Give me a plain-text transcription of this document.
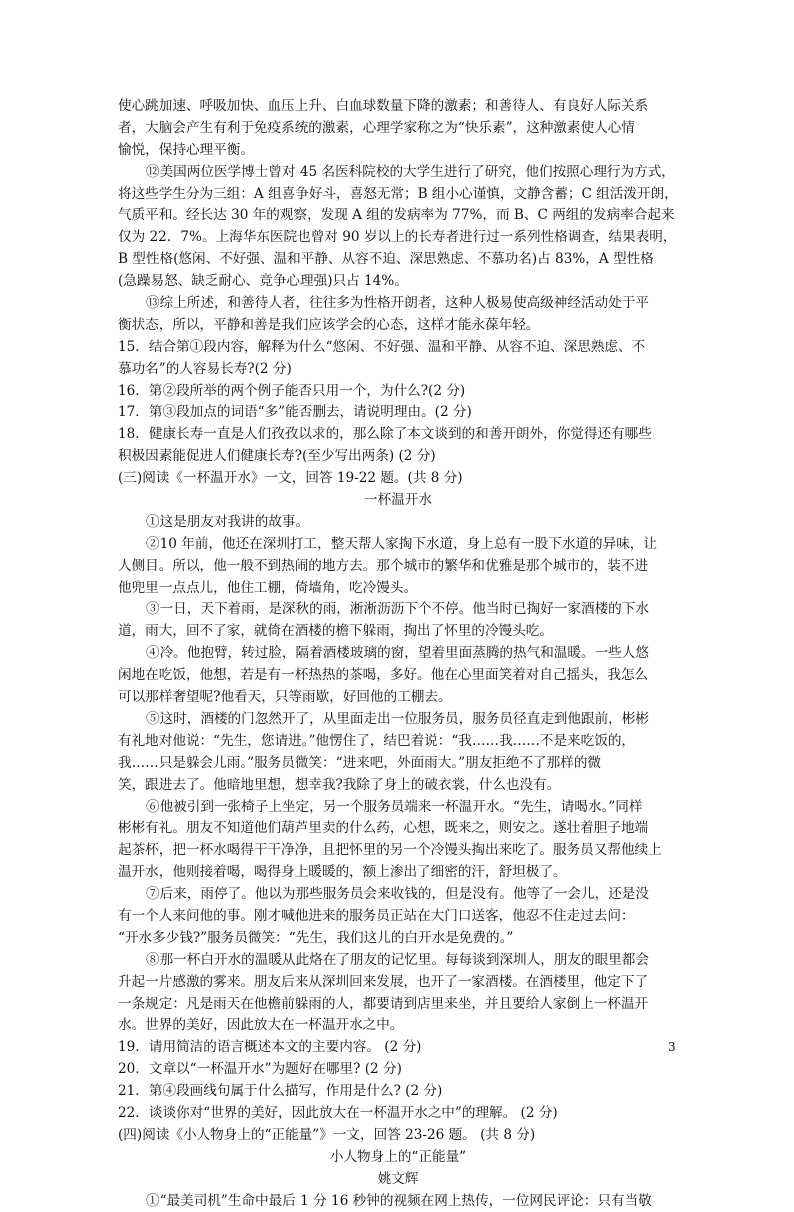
使心跳加速、呼吸加快、血压上升、白血球数量下降的激素；和善待人、有良好人际关系
者，大脑会产生有利于免疫系统的激素，心理学家称之为“快乐素”，这种激素使人心情
愉悦，保持心理平衡。
⑫美国两位医学博士曾对 45 名医科院校的大学生进行了研究，他们按照心理行为方式，
将这些学生分为三组：A 组喜争好斗，喜怒无常；B 组小心谨慎，文静含蓄；C 组活泼开朗，
气质平和。经长达 30 年的观察，发现 A 组的发病率为 77%，而 B、C 两组的发病率合起来
仅为 22．7%。上海华东医院也曾对 90 岁以上的长寿者进行过一系列性格调查，结果表明，
B 型性格(悠闲、不好强、温和平静、从容不迫、深思熟虑、不慕功名)占 83%，A 型性格
(急躁易怒、缺乏耐心、竞争心理强)只占 14%。
⑬综上所述，和善待人者，往往多为性格开朗者，这种人极易使高级神经活动处于平
衡状态，所以，平静和善是我们应该学会的心态，这样才能永葆年轻。
15．结合第①段内容，解释为什么“悠闲、不好强、温和平静、从容不迫、深思熟虑、不
慕功名”的人容易长寿?(2 分)
16．第②段所举的两个例子能否只用一个，为什么?(2 分)
17．第③段加点的词语“多”能否删去，请说明理由。(2 分)
18．健康长寿一直是人们孜孜以求的，那么除了本文谈到的和善开朗外，你觉得还有哪些
积极因素能促进人们健康长寿?(至少写出两条) (2 分)
(三)阅读《一杯温开水》一文，回答 19-22 题。(共 8 分)
一杯温开水
①这是朋友对我讲的故事。
②10 年前，他还在深圳打工，整天帮人家掏下水道，身上总有一股下水道的异味，让
人侧目。所以，他一般不到热闹的地方去。那个城市的繁华和优雅是那个城市的，装不进
他兜里一点点儿，他住工棚，倚墙角，吃冷馒头。
③一日，天下着雨，是深秋的雨，淅淅沥沥下个不停。他当时已掏好一家酒楼的下水
道，雨大，回不了家，就倚在酒楼的檐下躲雨，掏出了怀里的冷馒头吃。
④冷。他抱臂，转过脸，隔着酒楼玻璃的窗，望着里面蒸腾的热气和温暖。一些人悠
闲地在吃饭，他想，若是有一杯热热的茶喝，多好。他在心里面笑着对自己摇头，我怎么
可以那样奢望呢?他看天，只等雨歇，好回他的工棚去。
⑤这时，酒楼的门忽然开了，从里面走出一位服务员，服务员径直走到他跟前，彬彬
有礼地对他说：“先生，您请进。”他愣住了，结巴着说：“我……我……不是来吃饭的，
我……只是躲会儿雨。”服务员微笑：“进来吧，外面雨大。”朋友拒绝不了那样的微
笑，跟进去了。他暗地里想，想幸我?我除了身上的破衣裳，什么也没有。
⑥他被引到一张椅子上坐定，另一个服务员端来一杯温开水。“先生，请喝水。”同样
彬彬有礼。朋友不知道他们葫芦里卖的什么药，心想，既来之，则安之。遂壮着胆子地端
起茶杯，把一杯水喝得干干净净，且把怀里的另一个冷馒头掏出来吃了。服务员又帮他续上
温开水，他则接着喝，喝得身上暖暖的，额上渗出了细密的汗，舒坦极了。
⑦后来，雨停了。他以为那些服务员会来收钱的，但是没有。他等了一会儿，还是没
有一个人来问他的事。刚才喊他进来的服务员正站在大门口送客，他忍不住走过去问：
“开水多少钱?”服务员微笑：“先生，我们这儿的白开水是免费的。”
⑧那一杯白开水的温暖从此烙在了朋友的记忆里。每每谈到深圳人，朋友的眼里都会
升起一片感激的雾来。朋友后来从深圳回来发展，也开了一家酒楼。在酒楼里，他定下了
一条规定：凡是雨天在他檐前躲雨的人，都要请到店里来坐，并且要给人家倒上一杯温开
水。世界的美好，因此放大在一杯温开水之中。
19．请用简洁的语言概述本文的主要内容。 (2 分)
20．文章以“一杯温开水”为题好在哪里? (2 分)
21．第④段画线句属于什么描写，作用是什么? (2 分)
22．谈谈你对“世界的美好，因此放大在一杯温开水之中”的理解。 (2 分)
(四)阅读《小人物身上的“正能量”》一文，回答 23-26 题。 (共 8 分)
小人物身上的“正能量”
姚文辉
①“最美司机”生命中最后 1 分 16 秒钟的视频在网上热传，一位网民评论：只有当敬
3
